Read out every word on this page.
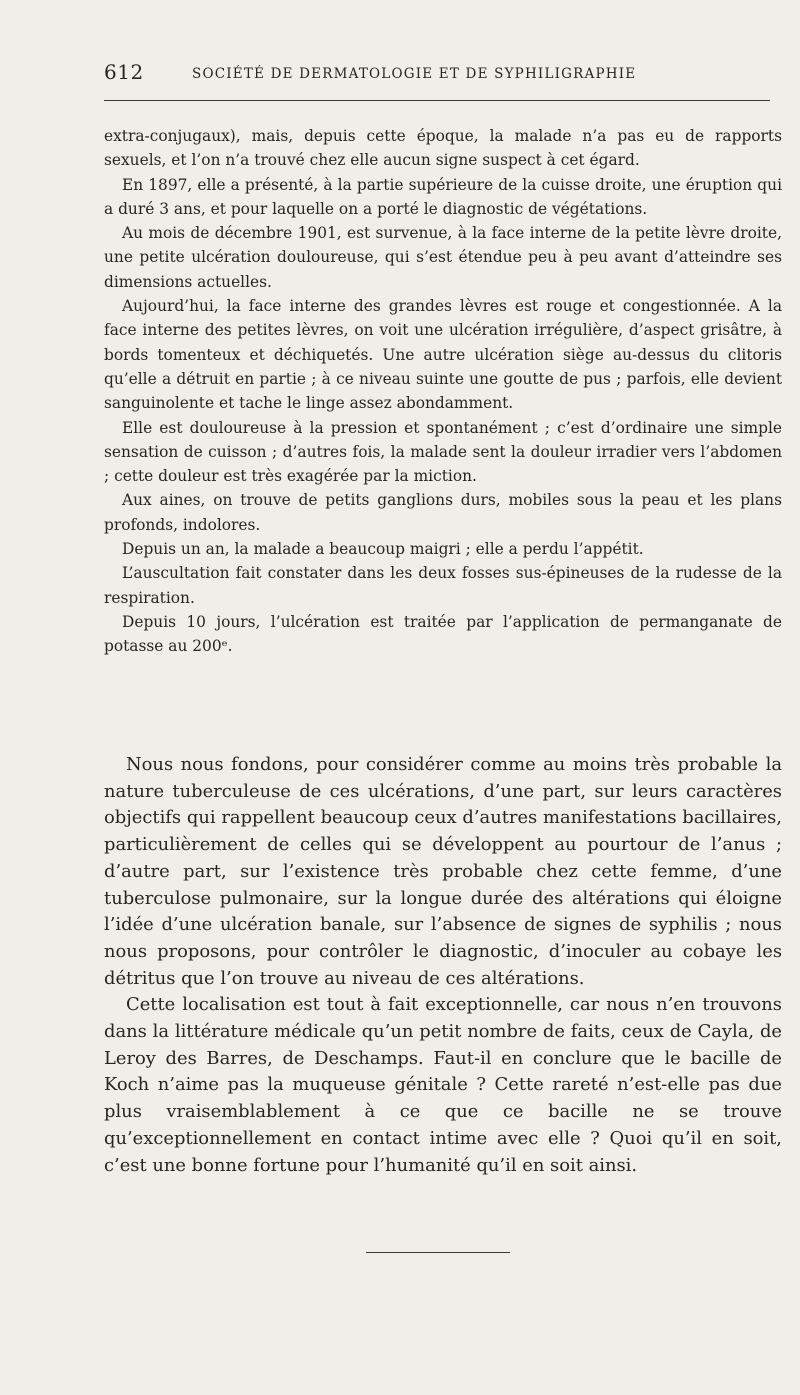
612	SOCIÉTÉ DE DERMATOLOGIE ET DE SYPHILIGRAPHIE

extra-conjugaux), mais, depuis cette époque, la malade n’a pas eu de rapports sexuels, et l’on n’a trouvé chez elle aucun signe suspect à cet égard.

En 1897, elle a présenté, à la partie supérieure de la cuisse droite, une éruption qui a duré 3 ans, et pour laquelle on a porté le diagnostic de végétations.

Au mois de décembre 1901, est survenue, à la face interne de la petite lèvre droite, une petite ulcération douloureuse, qui s’est étendue peu à peu avant d’atteindre ses dimensions actuelles.

Aujourd’hui, la face interne des grandes lèvres est rouge et congestionnée. A la face interne des petites lèvres, on voit une ulcération irrégulière, d’aspect grisâtre, à bords tomenteux et déchiquetés. Une autre ulcération siège au-dessus du clitoris qu’elle a détruit en partie ; à ce niveau suinte une goutte de pus ; parfois, elle devient sanguinolente et tache le linge assez abondamment.

Elle est douloureuse à la pression et spontanément ; c’est d’ordinaire une simple sensation de cuisson ; d’autres fois, la malade sent la douleur irradier vers l’abdomen ; cette douleur est très exagérée par la miction.

Aux aines, on trouve de petits ganglions durs, mobiles sous la peau et les plans profonds, indolores.

Depuis un an, la malade a beaucoup maigri ; elle a perdu l’appétit.

L’auscultation fait constater dans les deux fosses sus-épineuses de la rudesse de la respiration.

Depuis 10 jours, l’ulcération est traitée par l’application de permanganate de potasse au 200ᵉ.

Nous nous fondons, pour considérer comme au moins très probable la nature tuberculeuse de ces ulcérations, d’une part, sur leurs caractères objectifs qui rappellent beaucoup ceux d’autres manifestations bacillaires, particulièrement de celles qui se développent au pourtour de l’anus ; d’autre part, sur l’existence très probable chez cette femme, d’une tuberculose pulmonaire, sur la longue durée des altérations qui éloigne l’idée d’une ulcération banale, sur l’absence de signes de syphilis ; nous nous proposons, pour contrôler le diagnostic, d’inoculer au cobaye les détritus que l’on trouve au niveau de ces altérations.

Cette localisation est tout à fait exceptionnelle, car nous n’en trouvons dans la littérature médicale qu’un petit nombre de faits, ceux de Cayla, de Leroy des Barres, de Deschamps. Faut-il en conclure que le bacille de Koch n’aime pas la muqueuse génitale ? Cette rareté n’est-elle pas due plus vraisemblablement à ce que ce bacille ne se trouve qu’exceptionnellement en contact intime avec elle ? Quoi qu’il en soit, c’est une bonne fortune pour l’humanité qu’il en soit ainsi.
